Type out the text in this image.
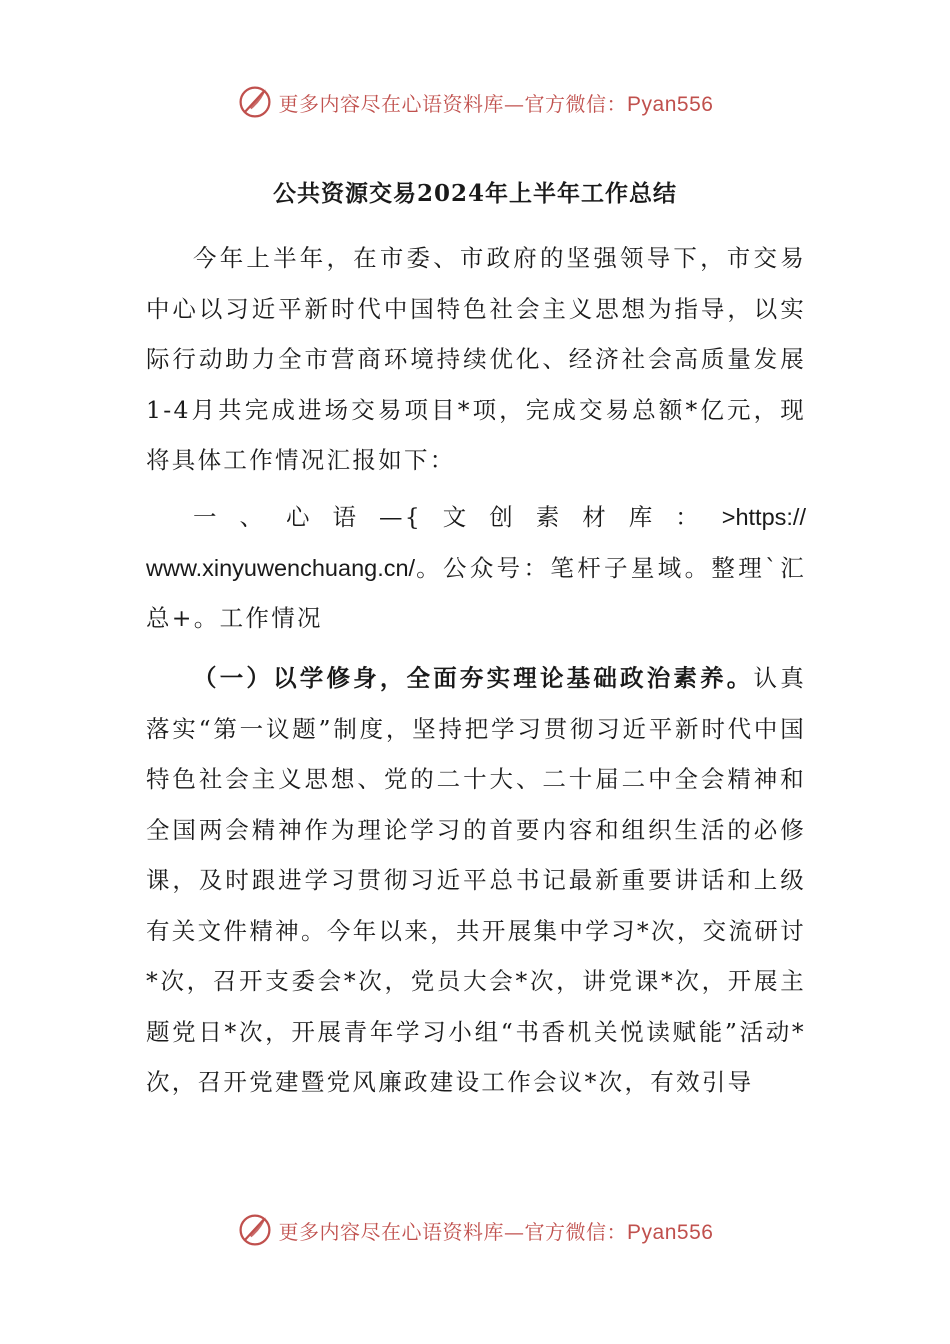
更多内容尽在心语资料库—官方微信：Pyan556
公共资源交易2024年上半年工作总结
今年上半年，在市委、市政府的坚强领导下，市交易中心以习近平新时代中国特色社会主义思想为指导，以实际行动助力全市营商环境持续优化、经济社会高质量发展1-4月共完成进场交易项目*项，完成交易总额*亿元，现将具体工作情况汇报如下：
一、心语—{文创素材库：>https://
www.xinyuwenchuang.cn/。公众号：笔杆子星域。整理`汇总+。工作情况
（一）以学修身，全面夯实理论基础政治素养。认真落实“第一议题”制度，坚持把学习贯彻习近平新时代中国特色社会主义思想、党的二十大、二十届二中全会精神和全国两会精神作为理论学习的首要内容和组织生活的必修课，及时跟进学习贯彻习近平总书记最新重要讲话和上级有关文件精神。今年以来，共开展集中学习*次，交流研讨*次，召开支委会*次，党员大会*次，讲党课*次，开展主题党日*次，开展青年学习小组“书香机关悦读赋能”活动*次，召开党建暨党风廉政建设工作会议*次，有效引导
更多内容尽在心语资料库—官方微信：Pyan556
